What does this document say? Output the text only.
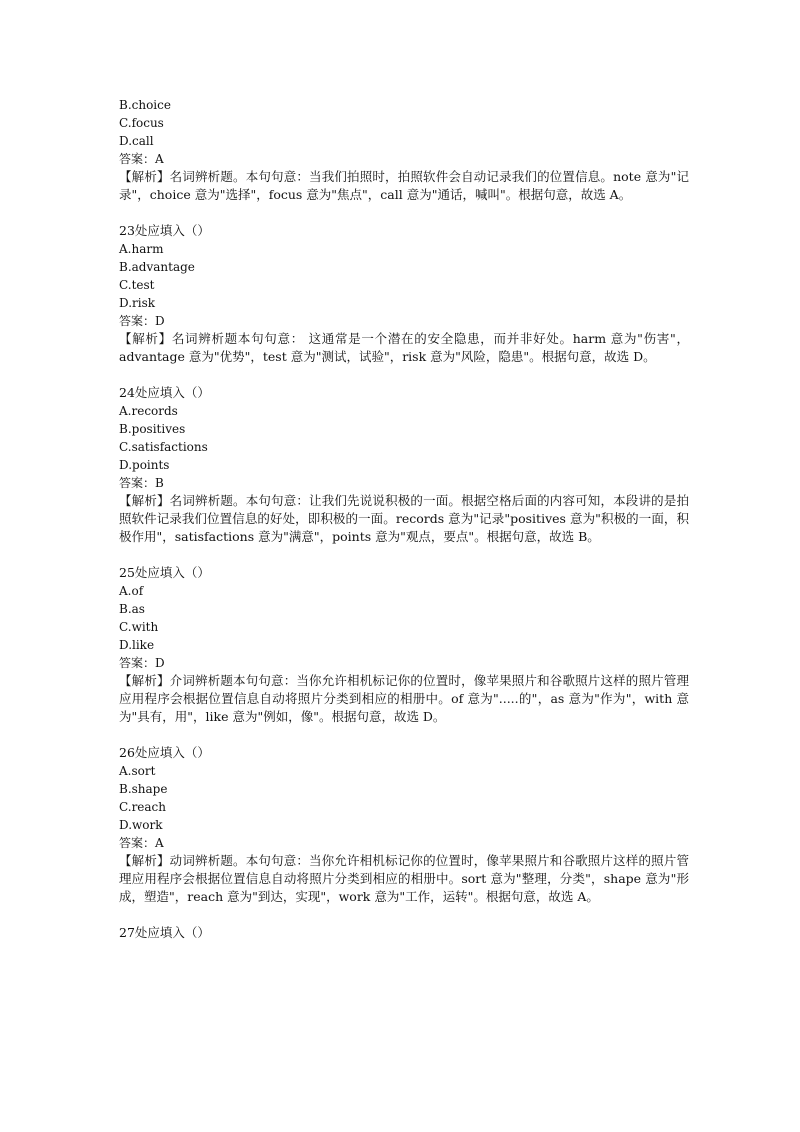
B.choice

C.focus

D.call

答案：A

【解析】名词辨析题。本句句意：当我们拍照时，拍照软件会自动记录我们的位置信息。note 意为"记录"，choice 意为"选择"，focus 意为"焦点"，call 意为"通话，喊叫"。根据句意，故选 A。

23处应填入（）

A.harm

B.advantage

C.test

D.risk

答案：D

【解析】名词辨析题本句句意： 这通常是一个潜在的安全隐患，而并非好处。harm 意为"伤害"，advantage 意为"优势"，test 意为"测试，试验"，risk 意为"风险，隐患"。根据句意，故选 D。

24处应填入（）

A.records

B.positives

C.satisfactions

D.points

答案：B

【解析】名词辨析题。本句句意：让我们先说说积极的一面。根据空格后面的内容可知，本段讲的是拍照软件记录我们位置信息的好处，即积极的一面。records 意为"记录"positives 意为"积极的一面，积极作用"，satisfactions 意为"满意"，points 意为"观点，要点"。根据句意，故选 B。

25处应填入（）

A.of

B.as

C.with

D.like

答案：D

【解析】介词辨析题本句句意：当你允许相机标记你的位置时，像苹果照片和谷歌照片这样的照片管理应用程序会根据位置信息自动将照片分类到相应的相册中。of 意为".....的"，as 意为"作为"，with 意为"具有，用"，like 意为"例如，像"。根据句意，故选 D。

26处应填入（）

A.sort

B.shape

C.reach

D.work

答案：A

【解析】动词辨析题。本句句意：当你允许相机标记你的位置时，像苹果照片和谷歌照片这样的照片管理应用程序会根据位置信息自动将照片分类到相应的相册中。sort 意为"整理，分类"，shape 意为"形成，塑造"，reach 意为"到达，实现"，work 意为"工作，运转"。根据句意，故选 A。

27处应填入（）
